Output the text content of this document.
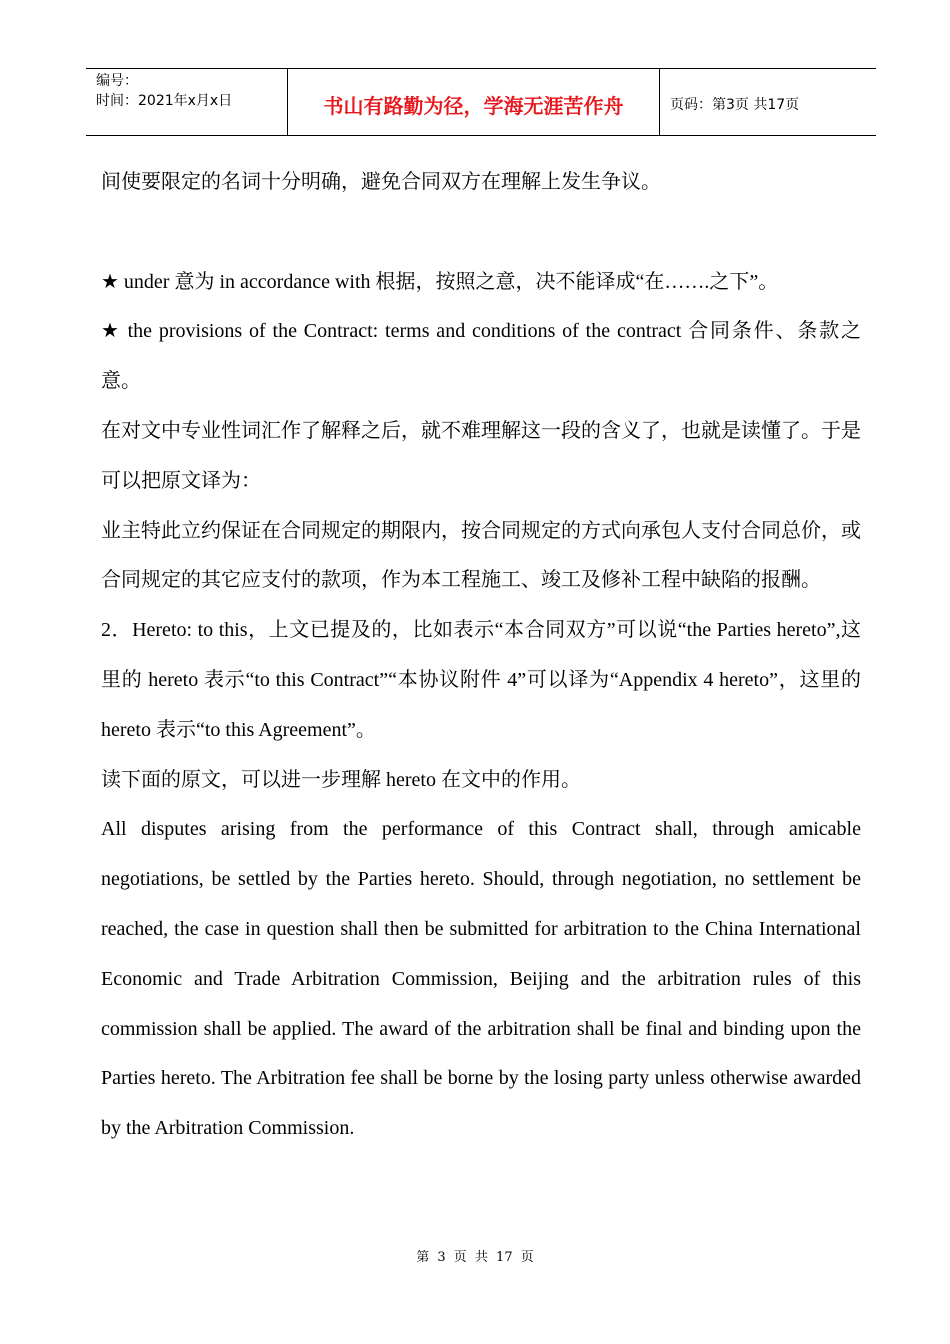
编号：
时间：2021年x月x日	书山有路勤为径，学海无涯苦作舟	页码：第3页 共17页

间使要限定的名词十分明确，避免合同双方在理解上发生争议。

★ under 意为 in accordance with 根据，按照之意，决不能译成“在…….之下”。

★ the provisions of the Contract: terms and conditions of the contract 合同条件、条款之意。

在对文中专业性词汇作了解释之后，就不难理解这一段的含义了，也就是读懂了。于是可以把原文译为：

业主特此立约保证在合同规定的期限内，按合同规定的方式向承包人支付合同总价，或合同规定的其它应支付的款项，作为本工程施工、竣工及修补工程中缺陷的报酬。

2．Hereto: to this，上文已提及的，比如表示“本合同双方”可以说“the Parties hereto”,这里的 hereto 表示“to this Contract”“本协议附件 4”可以译为“Appendix 4 hereto”，这里的 hereto 表示“to this Agreement”。

读下面的原文，可以进一步理解 hereto 在文中的作用。

All disputes arising from the performance of this Contract shall, through amicable negotiations, be settled by the Parties hereto. Should, through negotiation, no settlement be reached, the case in question shall then be submitted for arbitration to the China International Economic and Trade Arbitration Commission, Beijing and the arbitration rules of this commission shall be applied. The award of the arbitration shall be final and binding upon the Parties hereto. The Arbitration fee shall be borne by the losing party unless otherwise awarded by the Arbitration Commission.

第 3 页 共 17 页
